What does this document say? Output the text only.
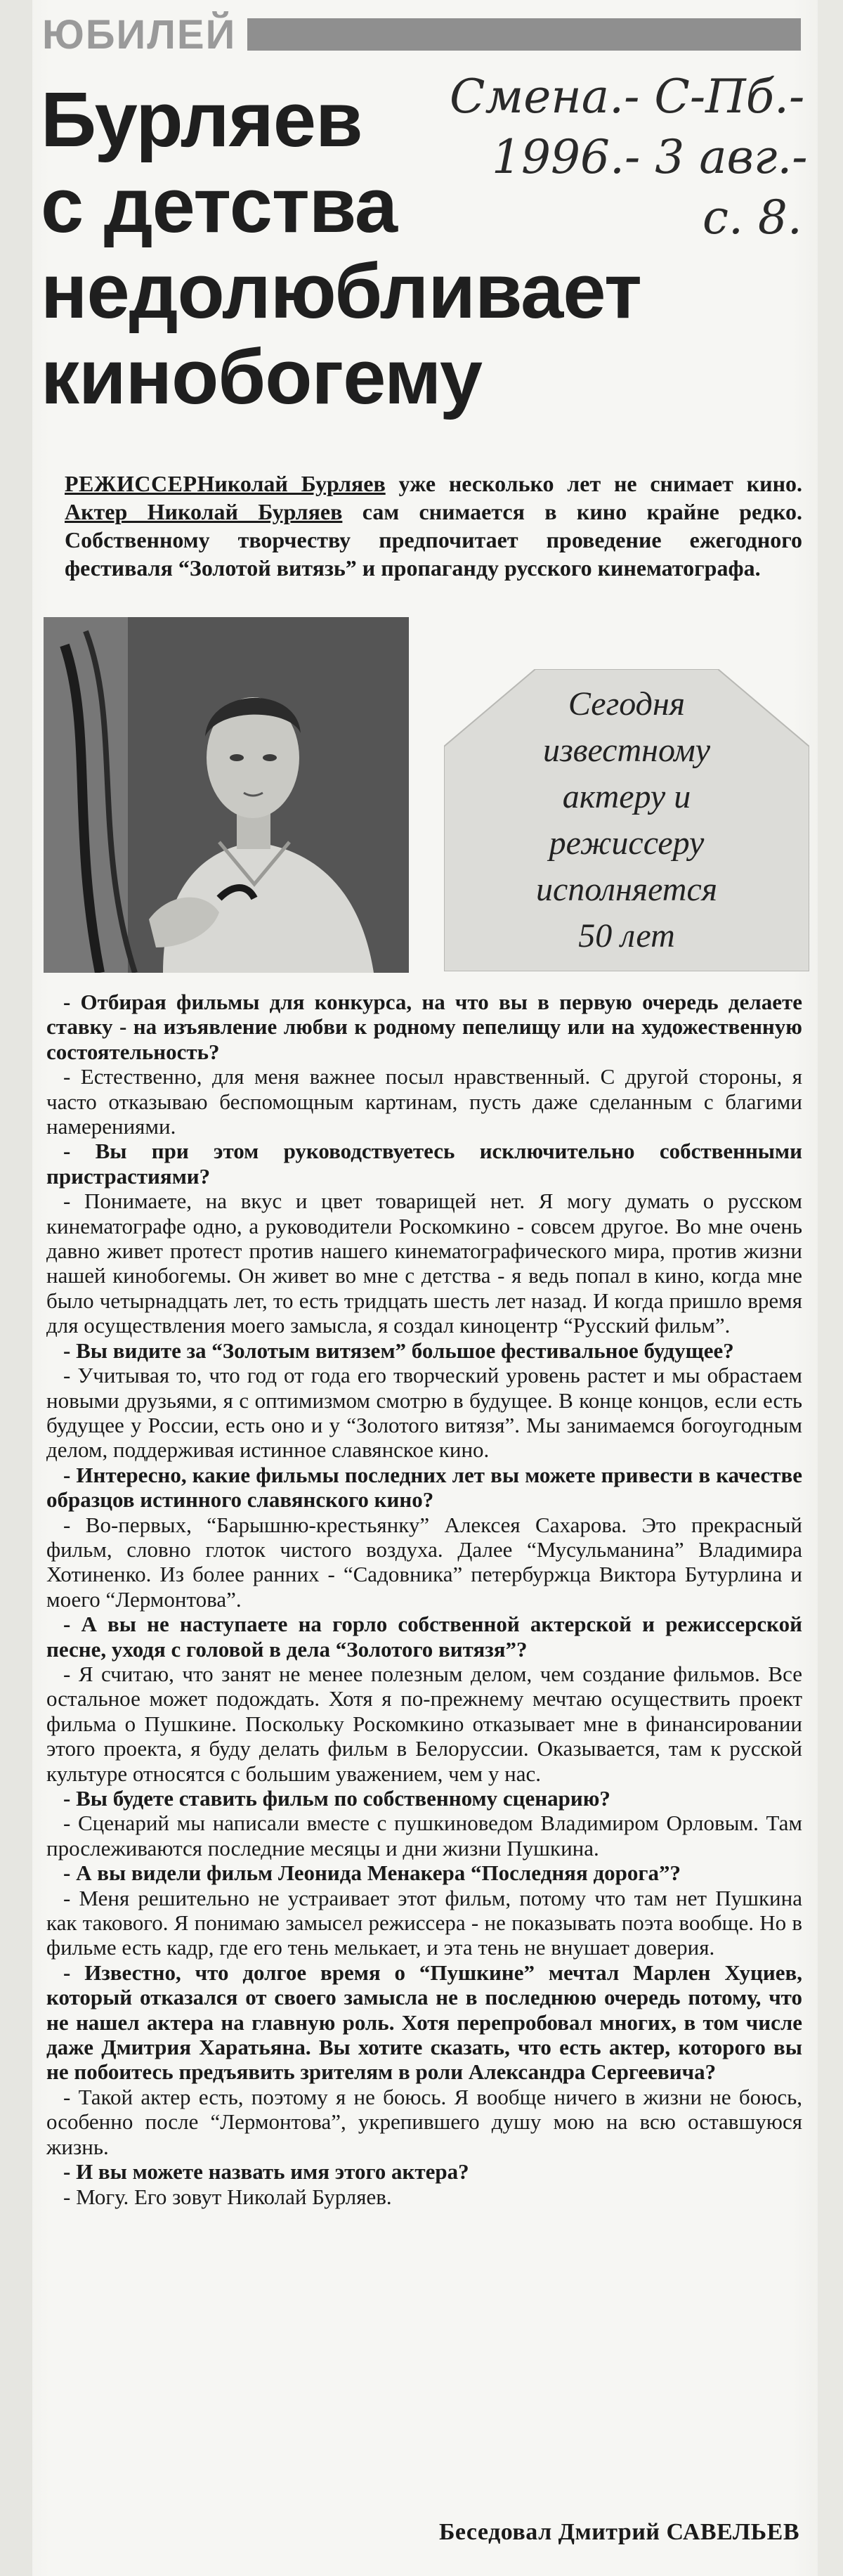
ЮБИЛЕЙ
Бурляев
с детства
недолюбливает
кинобогему
Смена.- С-Пб.-
1996.- 3 авг.-
с. 8.
РЕЖИССЕРНиколай Бурляев уже несколько лет не снимает кино. Актер Николай Бурляев сам снимается в кино крайне редко. Собственному творчеству предпочитает проведение ежегодного фестиваля “Золотой витязь” и пропаганду русского кинематографа.
Сегодня
известному
актеру и
режиссеру
исполняется
50 лет

- Отбирая фильмы для конкурса, на что вы в первую очередь делаете ставку - на изъявление любви к родному пепелищу или на художественную состоятельность?

- Естественно, для меня важнее посыл нравственный. С другой стороны, я часто отказываю беспомощным картинам, пусть даже сделанным с благими намерениями.

- Вы при этом руководствуетесь исключительно собственными пристрастиями?

- Понимаете, на вкус и цвет товарищей нет. Я могу думать о русском кинематографе одно, а руководители Роскомкино - совсем другое. Во мне очень давно живет протест против нашего кинематографического мира, против жизни нашей кинобогемы. Он живет во мне с детства - я ведь попал в кино, когда мне было четырнадцать лет, то есть тридцать шесть лет назад. И когда пришло время для осуществления моего замысла, я создал киноцентр “Русский фильм”.

- Вы видите за “Золотым витязем” большое фестивальное будущее?

- Учитывая то, что год от года его творческий уровень растет и мы обрастаем новыми друзьями, я с оптимизмом смотрю в будущее. В конце концов, если есть будущее у России, есть оно и у “Золотого витязя”. Мы занимаемся богоугодным делом, поддерживая истинное славянское кино.

- Интересно, какие фильмы последних лет вы можете привести в качестве образцов истинного славянского кино?

- Во-первых, “Барышню-крестьянку” Алексея Сахарова. Это прекрасный фильм, словно глоток чистого воздуха. Далее “Мусульманина” Владимира Хотиненко. Из более ранних - “Садовника” петербуржца Виктора Бутурлина и моего “Лермонтова”.

- А вы не наступаете на горло собственной актерской и режиссерской песне, уходя с головой в дела “Золотого витязя”?

- Я считаю, что занят не менее полезным делом, чем создание фильмов. Все остальное может подождать. Хотя я по-прежнему мечтаю осуществить проект фильма о Пушкине. Поскольку Роскомкино отказывает мне в финансировании этого проекта, я буду делать фильм в Белоруссии. Оказывается, там к русской культуре относятся с большим уважением, чем у нас.

- Вы будете ставить фильм по собственному сценарию?

- Сценарий мы написали вместе с пушкиноведом Владимиром Орловым. Там прослеживаются последние месяцы и дни жизни Пушкина.

- А вы видели фильм Леонида Менакера “Последняя дорога”?

- Меня решительно не устраивает этот фильм, потому что там нет Пушкина как такового. Я понимаю замысел режиссера - не показывать поэта вообще. Но в фильме есть кадр, где его тень мелькает, и эта тень не внушает доверия.

- Известно, что долгое время о “Пушкине” мечтал Марлен Хуциев, который отказался от своего замысла не в последнюю очередь потому, что не нашел актера на главную роль. Хотя перепробовал многих, в том числе даже Дмитрия Харатьяна. Вы хотите сказать, что есть актер, которого вы не побоитесь предъявить зрителям в роли Александра Сергеевича?

- Такой актер есть, поэтому я не боюсь. Я вообще ничего в жизни не боюсь, особенно после “Лермонтова”, укрепившего душу мою на всю оставшуюся жизнь.

- И вы можете назвать имя этого актера?

- Могу. Его зовут Николай Бурляев.

Беседовал Дмитрий САВЕЛЬЕВ
